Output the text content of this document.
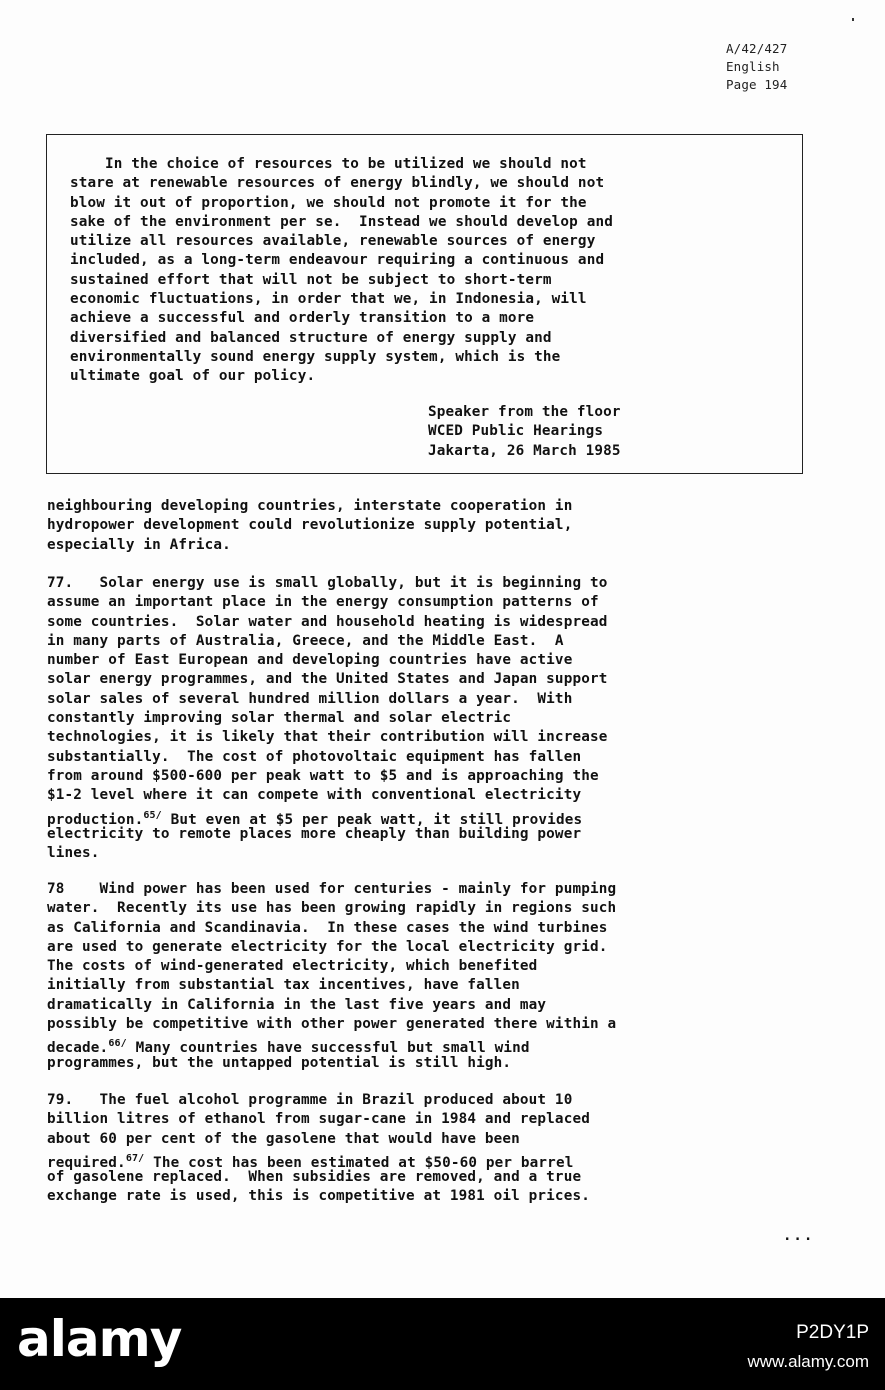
A/42/427
English
Page 194
In the choice of resources to be utilized we should not
stare at renewable resources of energy blindly, we should not
blow it out of proportion, we should not promote it for the
sake of the environment per se.  Instead we should develop and
utilize all resources available, renewable sources of energy
included, as a long-term endeavour requiring a continuous and
sustained effort that will not be subject to short-term
economic fluctuations, in order that we, in Indonesia, will
achieve a successful and orderly transition to a more
diversified and balanced structure of energy supply and
environmentally sound energy supply system, which is the
ultimate goal of our policy.
Speaker from the floor
WCED Public Hearings
Jakarta, 26 March 1985
neighbouring developing countries, interstate cooperation in
hydropower development could revolutionize supply potential,
especially in Africa.
77.   Solar energy use is small globally, but it is beginning to
assume an important place in the energy consumption patterns of
some countries.  Solar water and household heating is widespread
in many parts of Australia, Greece, and the Middle East.  A
number of East European and developing countries have active
solar energy programmes, and the United States and Japan support
solar sales of several hundred million dollars a year.  With
constantly improving solar thermal and solar electric
technologies, it is likely that their contribution will increase
substantially.  The cost of photovoltaic equipment has fallen
from around $500-600 per peak watt to $5 and is approaching the
$1-2 level where it can compete with conventional electricity
production.$^{65/}$ But even at $5 per peak watt, it still provides
electricity to remote places more cheaply than building power
lines.
78    Wind power has been used for centuries - mainly for pumping
water.  Recently its use has been growing rapidly in regions such
as California and Scandinavia.  In these cases the wind turbines
are used to generate electricity for the local electricity grid.
The costs of wind-generated electricity, which benefited
initially from substantial tax incentives, have fallen
dramatically in California in the last five years and may
possibly be competitive with other power generated there within a
decade.$^{66/}$ Many countries have successful but small wind
programmes, but the untapped potential is still high.
79.   The fuel alcohol programme in Brazil produced about 10
billion litres of ethanol from sugar-cane in 1984 and replaced
about 60 per cent of the gasolene that would have been
required.$^{67/}$ The cost has been estimated at $50-60 per barrel
of gasolene replaced.  When subsidies are removed, and a true
exchange rate is used, this is competitive at 1981 oil prices.
...
alamy	P2DY1P
www.alamy.com
